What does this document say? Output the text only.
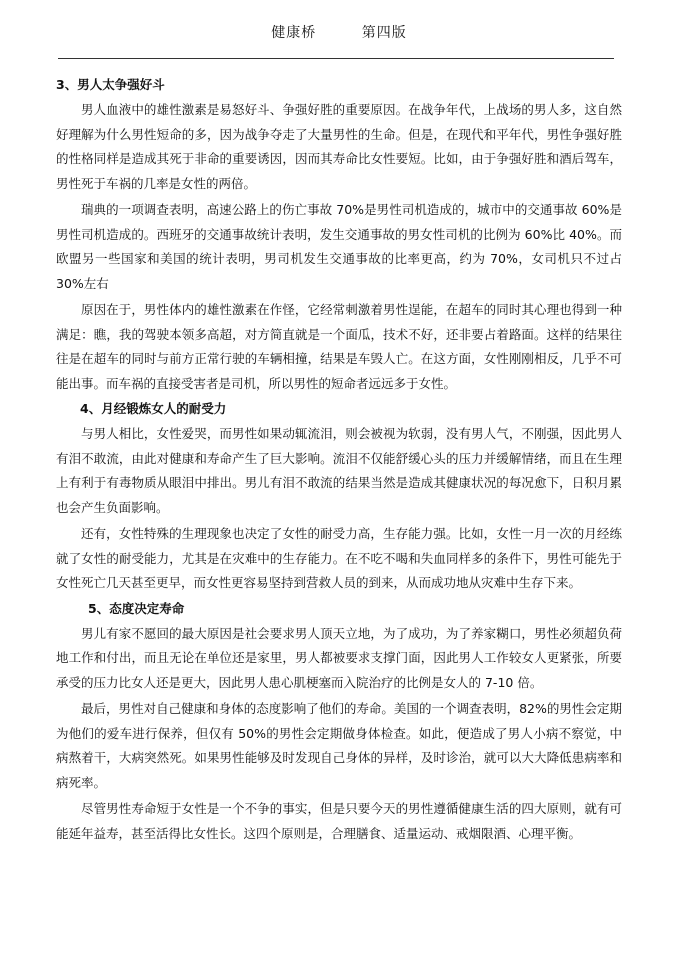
健康桥	第四版
3、男人太争强好斗

男人血液中的雄性激素是易怒好斗、争强好胜的重要原因。在战争年代，上战场的男人多，这自然好理解为什么男性短命的多，因为战争夺走了大量男性的生命。但是，在现代和平年代，男性争强好胜的性格同样是造成其死于非命的重要诱因，因而其寿命比女性要短。比如，由于争强好胜和酒后驾车，男性死于车祸的几率是女性的两倍。

瑞典的一项调查表明，高速公路上的伤亡事故 70%是男性司机造成的，城市中的交通事故 60%是男性司机造成的。西班牙的交通事故统计表明，发生交通事故的男女性司机的比例为 60%比 40%。而欧盟另一些国家和美国的统计表明，男司机发生交通事故的比率更高，约为 70%，女司机只不过占 30%左右

原因在于，男性体内的雄性激素在作怪，它经常刺激着男性逞能，在超车的同时其心理也得到一种满足：瞧，我的驾驶本领多高超，对方简直就是一个面瓜，技术不好，还非要占着路面。这样的结果往往是在超车的同时与前方正常行驶的车辆相撞，结果是车毁人亡。在这方面，女性刚刚相反，几乎不可能出事。而车祸的直接受害者是司机，所以男性的短命者远远多于女性。

4、月经锻炼女人的耐受力

与男人相比，女性爱哭，而男性如果动辄流泪，则会被视为软弱，没有男人气，不刚强，因此男人有泪不敢流，由此对健康和寿命产生了巨大影响。流泪不仅能舒缓心头的压力并缓解情绪，而且在生理上有利于有毒物质从眼泪中排出。男儿有泪不敢流的结果当然是造成其健康状况的每况愈下，日积月累也会产生负面影响。

还有，女性特殊的生理现象也决定了女性的耐受力高，生存能力强。比如，女性一月一次的月经练就了女性的耐受能力，尤其是在灾难中的生存能力。在不吃不喝和失血同样多的条件下，男性可能先于女性死亡几天甚至更早，而女性更容易坚持到营救人员的到来，从而成功地从灾难中生存下来。

5、态度决定寿命

男儿有家不愿回的最大原因是社会要求男人顶天立地，为了成功，为了养家糊口，男性必须超负荷地工作和付出，而且无论在单位还是家里，男人都被要求支撑门面，因此男人工作较女人更紧张，所要承受的压力比女人还是更大，因此男人患心肌梗塞而入院治疗的比例是女人的 7-10 倍。

最后，男性对自己健康和身体的态度影响了他们的寿命。美国的一个调查表明，82%的男性会定期为他们的爱车进行保养，但仅有 50%的男性会定期做身体检查。如此，便造成了男人小病不察觉，中病熬着干，大病突然死。如果男性能够及时发现自己身体的异样，及时诊治，就可以大大降低患病率和病死率。

尽管男性寿命短于女性是一个不争的事实，但是只要今天的男性遵循健康生活的四大原则，就有可能延年益寿，甚至活得比女性长。这四个原则是，合理膳食、适量运动、戒烟限酒、心理平衡。
